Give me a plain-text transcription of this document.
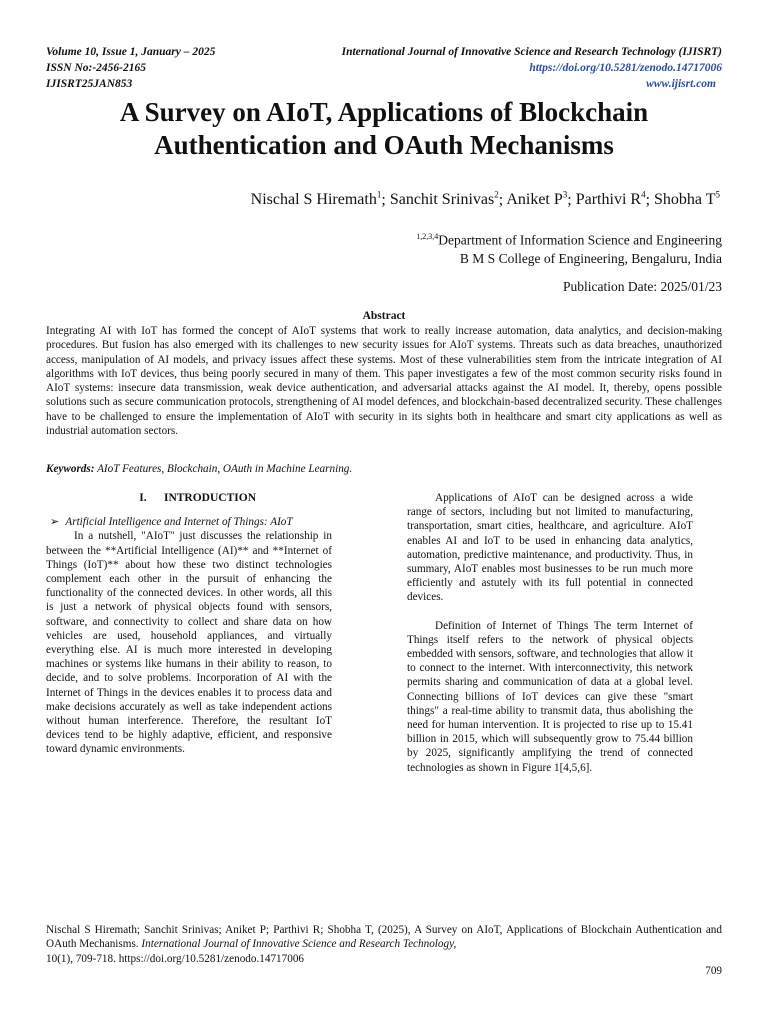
Volume 10, Issue 1, January – 2025	International Journal of Innovative Science and Research Technology (IJISRT)
ISSN No:-2456-2165	https://doi.org/10.5281/zenodo.14717006
IJISRT25JAN853	www.ijisrt.com
A Survey on AIoT, Applications of Blockchain Authentication and OAuth Mechanisms
Nischal S Hiremath$^1$; Sanchit Srinivas$^2$; Aniket $P^3$; Parthivi $R^4$; Shobha $T^5$
$^{1,2,3,4}$Department of Information Science and Engineering
B M S College of Engineering, Bengaluru, India
Publication Date: 2025/01/23
Abstract

Integrating AI with IoT has formed the concept of AIoT systems that work to really increase automation, data analytics, and decision-making procedures. But fusion has also emerged with its challenges to new security issues for AIoT systems. Threats such as data breaches, unauthorized access, manipulation of AI models, and privacy issues affect these systems. Most of these vulnerabilities stem from the intricate integration of AI algorithms with IoT devices, thus being poorly secured in many of them. This paper investigates a few of the most common security risks found in AIoT systems: insecure data transmission, weak device authentication, and adversarial attacks against the AI model. It, thereby, opens possible solutions such as secure communication protocols, strengthening of AI model defences, and blockchain-based decentralized security. These challenges have to be challenged to ensure the implementation of AIoT with security in its sights both in healthcare and smart city applications as well as industrial automation sectors.

Keywords: AIoT Features, Blockchain, OAuth in Machine Learning.
I. INTRODUCTION
➢ Artificial Intelligence and Internet of Things: AIoT

In a nutshell, "AIoT" just discusses the relationship in between the **Artificial Intelligence (AI)** and **Internet of Things (IoT)** about how these two distinct technologies complement each other in the pursuit of enhancing the functionality of the connected devices. In other words, all this is just a network of physical objects found with sensors, software, and connectivity to collect and share data on how vehicles are used, household appliances, and virtually everything else. AI is much more interested in developing machines or systems like humans in their ability to reason, to decide, and to solve problems. Incorporation of AI with the Internet of Things in the devices enables it to process data and make decisions accurately as well as take independent actions without human interference. Therefore, the resultant IoT devices tend to be highly adaptive, efficient, and responsive toward dynamic environments.

Applications of AIoT can be designed across a wide range of sectors, including but not limited to manufacturing, transportation, smart cities, healthcare, and agriculture. AIoT enables AI and IoT to be used in enhancing data analytics, automation, predictive maintenance, and productivity. Thus, in summary, AIoT enables most businesses to be run much more efficiently and astutely with its full potential in connected devices.

Definition of Internet of Things The term Internet of Things itself refers to the network of physical objects embedded with sensors, software, and technologies that allow it to connect to the internet. With interconnectivity, this network permits sharing and communication of data at a global level. Connecting billions of IoT devices can give these "smart things" a real-time ability to transmit data, thus abolishing the need for human intervention. It is projected to rise up to 15.41 billion in 2015, which will subsequently grow to 75.44 billion by 2025, significantly amplifying the trend of connected technologies as shown in Figure 1[4,5,6].

Nischal S Hiremath; Sanchit Srinivas; Aniket P; Parthivi R; Shobha T, (2025), A Survey on AIoT, Applications of Blockchain Authentication and OAuth Mechanisms. International Journal of Innovative Science and Research Technology,
10(1), 709-718. https://doi.org/10.5281/zenodo.14717006
709
